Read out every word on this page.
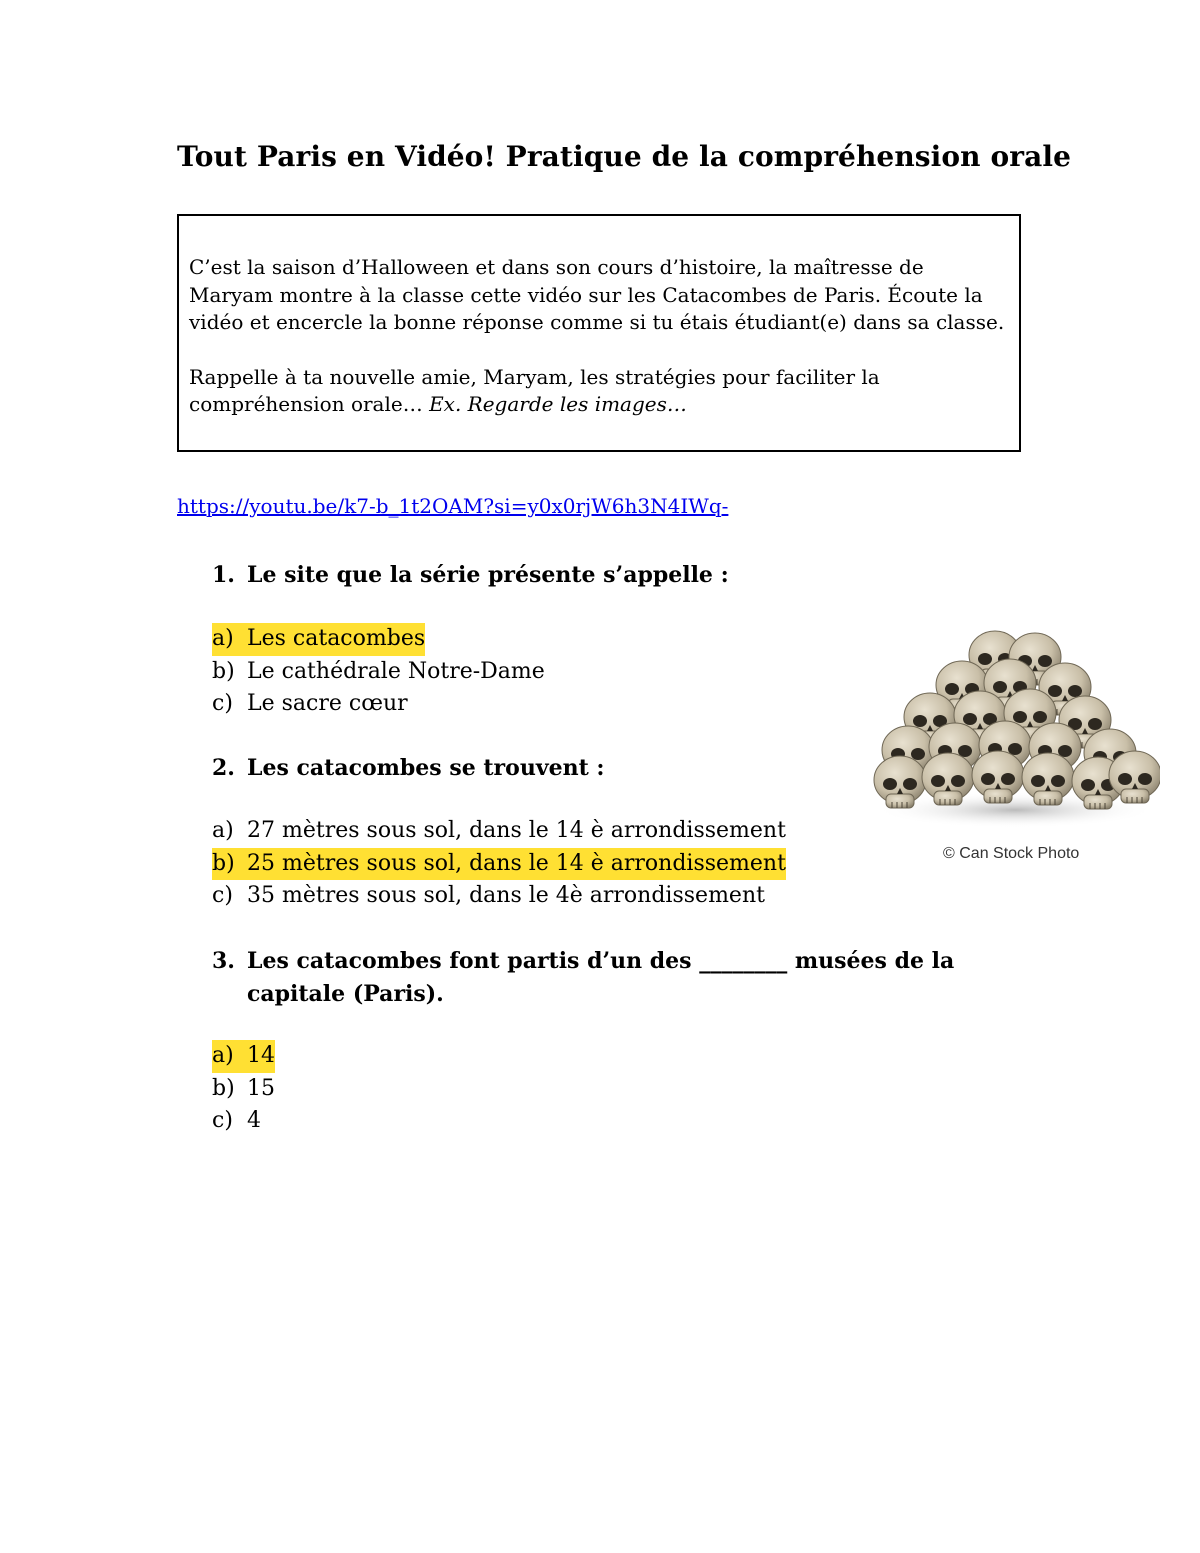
Tout Paris en Vidéo! Pratique de la compréhension orale

C’est la saison d’Halloween et dans son cours d’histoire, la maîtresse de Maryam montre à la classe cette vidéo sur les Catacombes de Paris. Écoute la vidéo et encercle la bonne réponse comme si tu étais étudiant(e) dans sa classe.

Rappelle à ta nouvelle amie, Maryam, les stratégies pour faciliter la compréhension orale… Ex. Regarde les images…

https://youtu.be/k7-b_1t2OAM?si=y0x0rjW6h3N4IWq-
1. Le site que la série présente s’appelle :
a) Les catacombes
b) Le cathédrale Notre-Dame
c) Le sacre cœur
2. Les catacombes se trouvent :
a) 27 mètres sous sol, dans le 14 è arrondissement
b) 25 mètres sous sol, dans le 14 è arrondissement
c) 35 mètres sous sol, dans le 4è arrondissement
3. Les catacombes font partis d’un des ________ musées de la capitale (Paris).
a) 14
b) 15
c) 4
© Can Stock Photo
